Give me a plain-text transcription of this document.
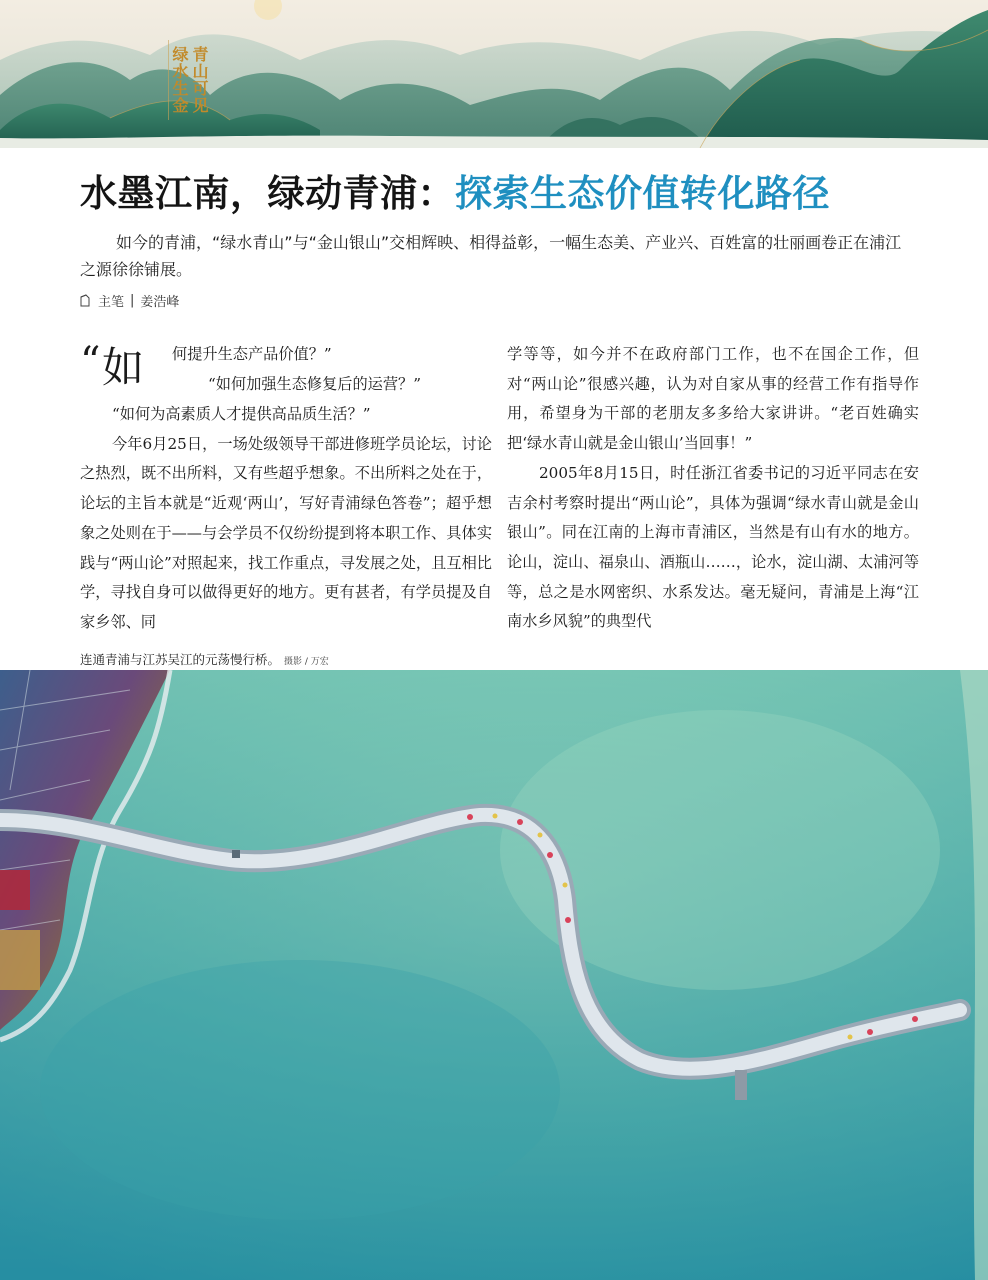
青山可见
绿水生金
水墨江南，绿动青浦：探索生态价值转化路径

如今的青浦，“绿水青山”与“金山银山”交相辉映、相得益彰，一幅生态美、产业兴、百姓富的壮丽画卷正在浦江之源徐徐铺展。

主笔 | 姜浩峰
“ 如 何提升生态产品价值？”
“如何加强生态修复后的运营？”

“如何为高素质人才提供高品质生活？”

今年6月25日，一场处级领导干部进修班学员论坛，讨论之热烈，既不出所料，又有些超乎想象。不出所料之处在于，论坛的主旨本就是“近观‘两山’，写好青浦绿色答卷”；超乎想象之处则在于——与会学员不仅纷纷提到将本职工作、具体实践与“两山论”对照起来，找工作重点，寻发展之处，且互相比学，寻找自身可以做得更好的地方。更有甚者，有学员提及自家乡邻、同

学等等，如今并不在政府部门工作，也不在国企工作，但对“两山论”很感兴趣，认为对自家从事的经营工作有指导作用，希望身为干部的老朋友多多给大家讲讲。“老百姓确实把‘绿水青山就是金山银山’当回事！”

2005年8月15日，时任浙江省委书记的习近平同志在安吉余村考察时提出“两山论”，具体为强调“绿水青山就是金山银山”。同在江南的上海市青浦区，当然是有山有水的地方。论山，淀山、福泉山、酒瓶山……，论水，淀山湖、太浦河等等，总之是水网密织、水系发达。毫无疑问，青浦是上海“江南水乡风貌”的典型代

连通青浦与江苏吴江的元荡慢行桥。 摄影 / 万宏
